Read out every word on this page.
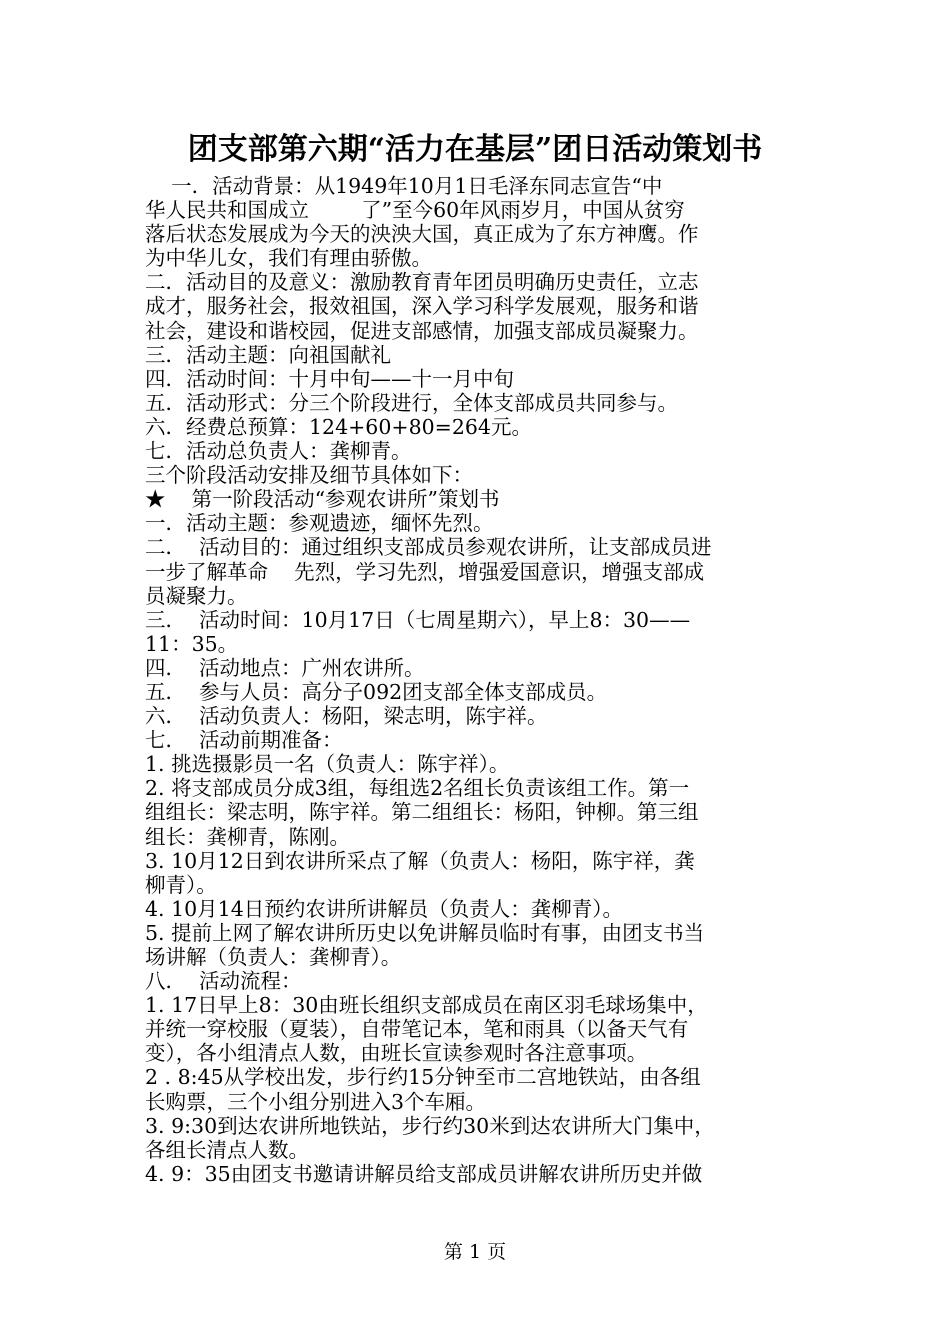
团支部第六期“活力在基层”团日活动策划书
一．活动背景：从1949年10月1日毛泽东同志宣告“中
华人民共和国成立        了”至今60年风雨岁月，中国从贫穷
落后状态发展成为今天的泱泱大国，真正成为了东方神鹰。作
为中华儿女，我们有理由骄傲。
二．活动目的及意义：激励教育青年团员明确历史责任，立志
成才，服务社会，报效祖国，深入学习科学发展观，服务和谐
社会，建设和谐校园，促进支部感情，加强支部成员凝聚力。
三．活动主题：向祖国献礼
四．活动时间：十月中旬——十一月中旬
五．活动形式：分三个阶段进行，全体支部成员共同参与。
六．经费总预算：124+60+80=264元。
七．活动总负责人：龚柳青。
三个阶段活动安排及细节具体如下：
★    第一阶段活动“参观农讲所”策划书
一．活动主题：参观遗迹，缅怀先烈。
二．  活动目的：通过组织支部成员参观农讲所，让支部成员进
一步了解革命    先烈，学习先烈，增强爱国意识，增强支部成
员凝聚力。
三．  活动时间：10月17日（七周星期六），早上8：30——
11：35。
四．  活动地点：广州农讲所。
五．  参与人员：高分子092团支部全体支部成员。
六．  活动负责人：杨阳，梁志明，陈宇祥。
七．  活动前期准备：
1. 挑选摄影员一名（负责人：陈宇祥）。
2. 将支部成员分成3组，每组选2名组长负责该组工作。第一
组组长：梁志明，陈宇祥。第二组组长：杨阳，钟柳。第三组
组长：龚柳青，陈刚。
3. 10月12日到农讲所采点了解（负责人：杨阳，陈宇祥，龚
柳青）。
4. 10月14日预约农讲所讲解员（负责人：龚柳青）。
5. 提前上网了解农讲所历史以免讲解员临时有事，由团支书当
场讲解（负责人：龚柳青）。
八．  活动流程：
1. 17日早上8：30由班长组织支部成员在南区羽毛球场集中，
并统一穿校服（夏装），自带笔记本，笔和雨具（以备天气有
变），各小组清点人数，由班长宣读参观时各注意事项。
2 . 8:45从学校出发，步行约15分钟至市二宫地铁站，由各组
长购票，三个小组分别进入3个车厢。
3. 9:30到达农讲所地铁站，步行约30米到达农讲所大门集中，
各组长清点人数。
4. 9：35由团支书邀请讲解员给支部成员讲解农讲所历史并做
第 1 页
